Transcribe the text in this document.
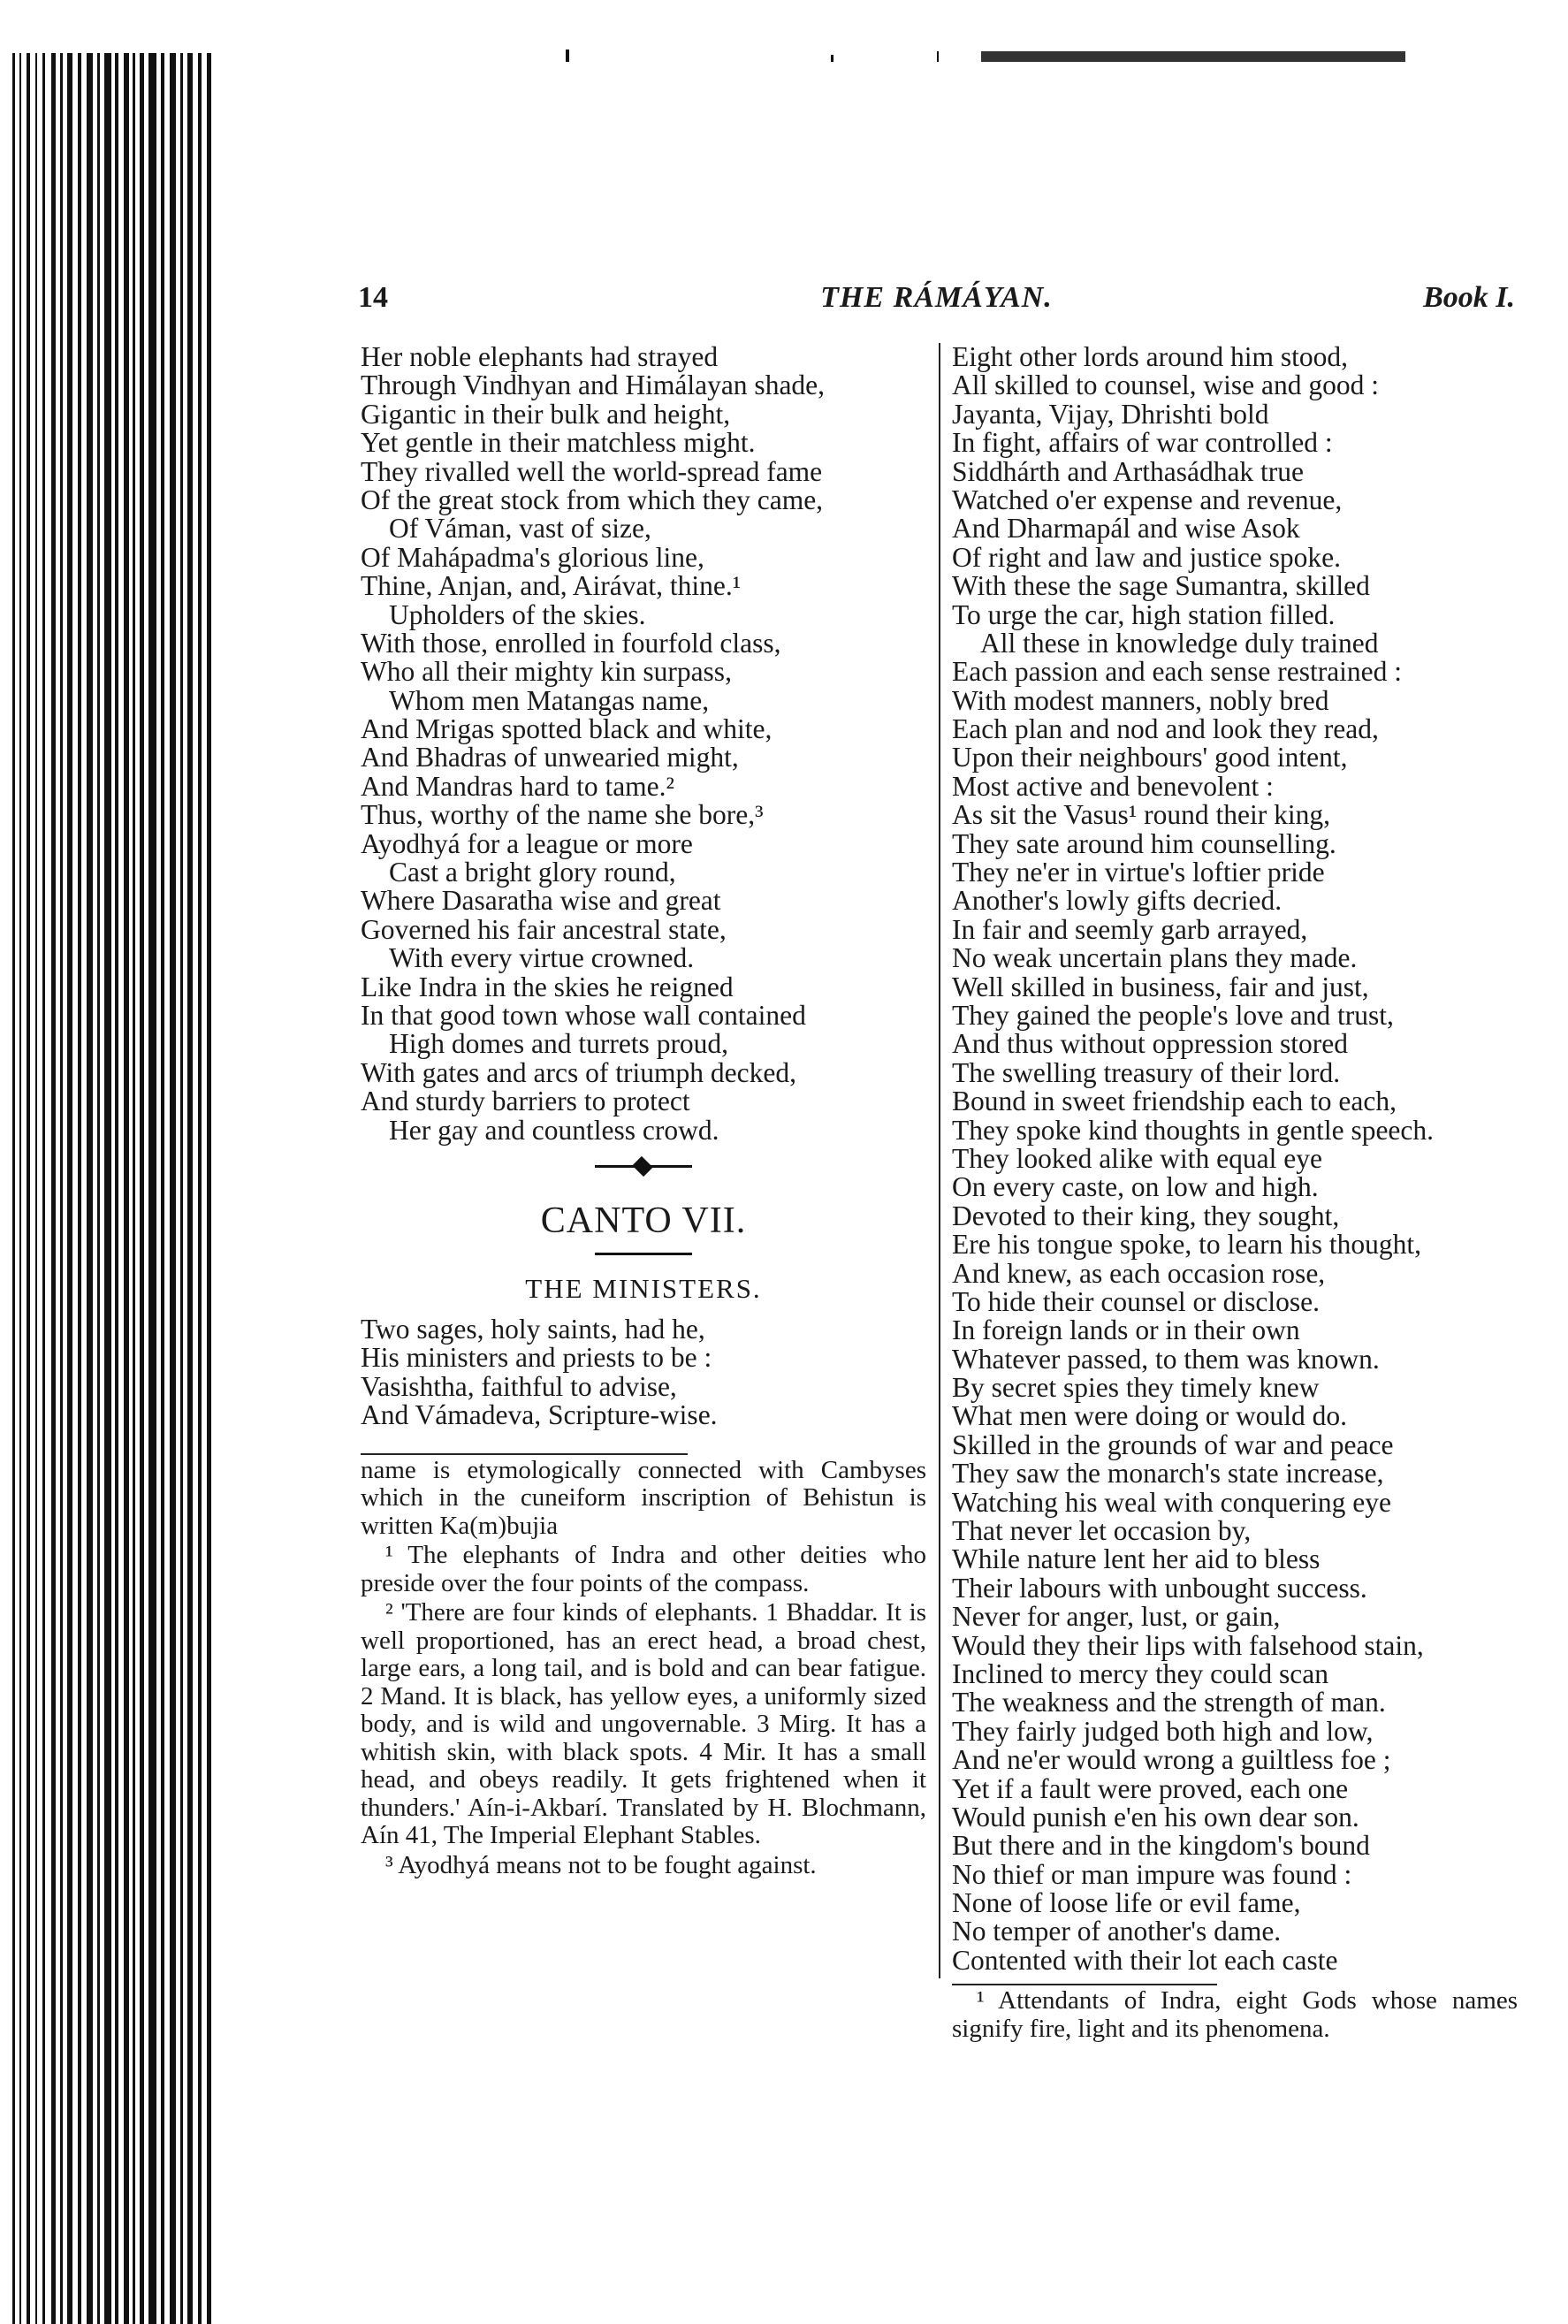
14	THE RÁMÁYAN.	Book I.
Her noble elephants had strayed
Through Vindhyan and Himálayan shade,
Gigantic in their bulk and height,
Yet gentle in their matchless might.
They rivalled well the world-spread fame
Of the great stock from which they came,
Of Váman, vast of size,
Of Mahápadma's glorious line,
Thine, Anjan, and, Airávat, thine.¹
Upholders of the skies.
With those, enrolled in fourfold class,
Who all their mighty kin surpass,
Whom men Matangas name,
And Mrigas spotted black and white,
And Bhadras of unwearied might,
And Mandras hard to tame.²
Thus, worthy of the name she bore,³
Ayodhyá for a league or more
Cast a bright glory round,
Where Dasaratha wise and great
Governed his fair ancestral state,
With every virtue crowned.
Like Indra in the skies he reigned
In that good town whose wall contained
High domes and turrets proud,
With gates and arcs of triumph decked,
And sturdy barriers to protect
Her gay and countless crowd.
CANTO VII.
THE MINISTERS.
Two sages, holy saints, had he,
His ministers and priests to be :
Vasishtha, faithful to advise,
And Vámadeva, Scripture-wise.

name is etymologically connected with Cambyses which in the cuneiform inscription of Behistun is written Ka(m)bujia

¹ The elephants of Indra and other deities who preside over the four points of the compass.

² 'There are four kinds of elephants. 1 Bhaddar. It is well proportioned, has an erect head, a broad chest, large ears, a long tail, and is bold and can bear fatigue. 2 Mand. It is black, has yellow eyes, a uniformly sized body, and is wild and ungovernable. 3 Mirg. It has a whitish skin, with black spots. 4 Mir. It has a small head, and obeys readily. It gets frightened when it thunders.' Aín-i-Akbarí. Translated by H. Blochmann, Aín 41, The Imperial Elephant Stables.

³ Ayodhyá means not to be fought against.

Eight other lords around him stood,
All skilled to counsel, wise and good :
Jayanta, Vijay, Dhrishti bold
In fight, affairs of war controlled :
Siddhárth and Arthasádhak true
Watched o'er expense and revenue,
And Dharmapál and wise Asok
Of right and law and justice spoke.
With these the sage Sumantra, skilled
To urge the car, high station filled.
All these in knowledge duly trained
Each passion and each sense restrained :
With modest manners, nobly bred
Each plan and nod and look they read,
Upon their neighbours' good intent,
Most active and benevolent :
As sit the Vasus¹ round their king,
They sate around him counselling.
They ne'er in virtue's loftier pride
Another's lowly gifts decried.
In fair and seemly garb arrayed,
No weak uncertain plans they made.
Well skilled in business, fair and just,
They gained the people's love and trust,
And thus without oppression stored
The swelling treasury of their lord.
Bound in sweet friendship each to each,
They spoke kind thoughts in gentle speech.
They looked alike with equal eye
On every caste, on low and high.
Devoted to their king, they sought,
Ere his tongue spoke, to learn his thought,
And knew, as each occasion rose,
To hide their counsel or disclose.
In foreign lands or in their own
Whatever passed, to them was known.
By secret spies they timely knew
What men were doing or would do.
Skilled in the grounds of war and peace
They saw the monarch's state increase,
Watching his weal with conquering eye
That never let occasion by,
While nature lent her aid to bless
Their labours with unbought success.
Never for anger, lust, or gain,
Would they their lips with falsehood stain,
Inclined to mercy they could scan
The weakness and the strength of man.
They fairly judged both high and low,
And ne'er would wrong a guiltless foe ;
Yet if a fault were proved, each one
Would punish e'en his own dear son.
But there and in the kingdom's bound
No thief or man impure was found :
None of loose life or evil fame,
No temper of another's dame.
Contented with their lot each caste

¹ Attendants of Indra, eight Gods whose names signify fire, light and its phenomena.
